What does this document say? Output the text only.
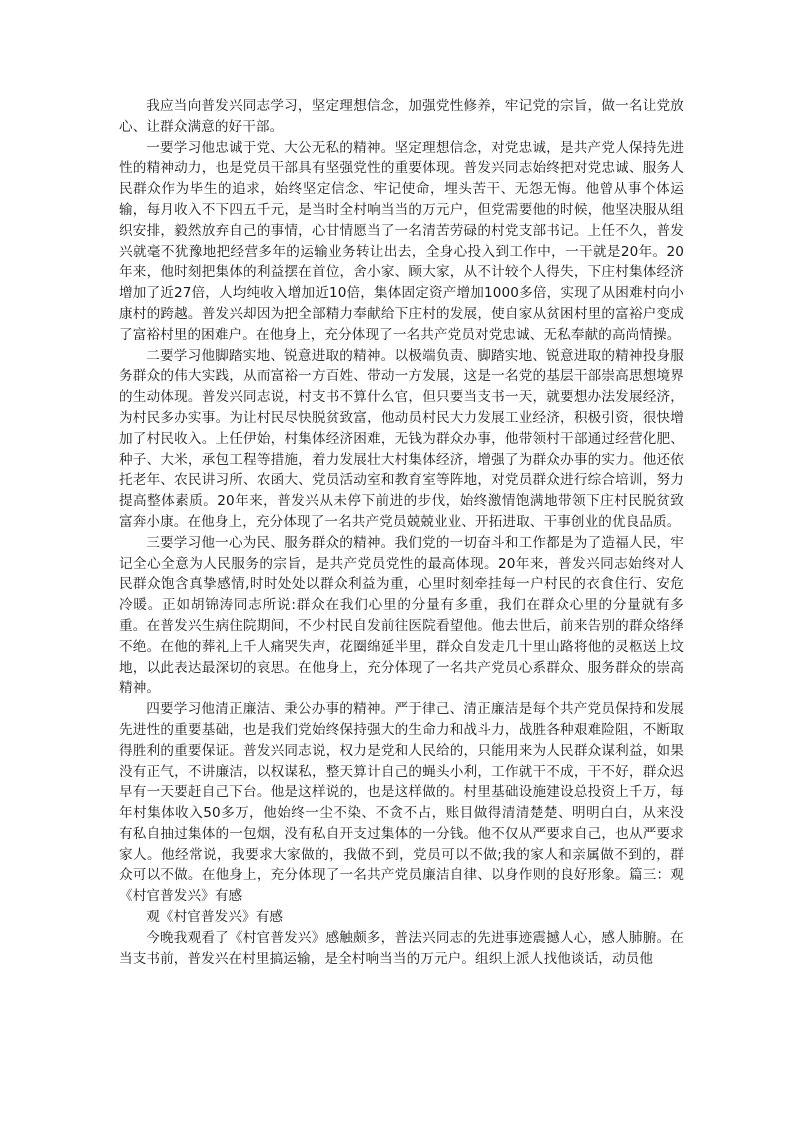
我应当向普发兴同志学习，坚定理想信念，加强党性修养，牢记党的宗旨，做一名让党放心、让群众满意的好干部。

一要学习他忠诚于党、大公无私的精神。坚定理想信念，对党忠诚，是共产党人保持先进性的精神动力，也是党员干部具有坚强党性的重要体现。普发兴同志始终把对党忠诚、服务人民群众作为毕生的追求，始终坚定信念、牢记使命，埋头苦干、无怨无悔。他曾从事个体运输，每月收入不下四五千元，是当时全村响当当的万元户，但党需要他的时候，他坚决服从组织安排，毅然放弃自己的事情，心甘情愿当了一名清苦劳碌的村党支部书记。上任不久，普发兴就毫不犹豫地把经营多年的运输业务转让出去，全身心投入到工作中，一干就是20年。20年来，他时刻把集体的利益摆在首位，舍小家、顾大家，从不计较个人得失，下庄村集体经济增加了近27倍，人均纯收入增加近10倍，集体固定资产增加1000多倍，实现了从困难村向小康村的跨越。普发兴却因为把全部精力奉献给下庄村的发展，使自家从贫困村里的富裕户变成了富裕村里的困难户。在他身上，充分体现了一名共产党员对党忠诚、无私奉献的高尚情操。

二要学习他脚踏实地、锐意进取的精神。以极端负责、脚踏实地、锐意进取的精神投身服务群众的伟大实践，从而富裕一方百姓、带动一方发展，这是一名党的基层干部崇高思想境界的生动体现。普发兴同志说，村支书不算什么官，但只要当支书一天，就要想办法发展经济，为村民多办实事。为让村民尽快脱贫致富，他动员村民大力发展工业经济，积极引资，很快增加了村民收入。上任伊始，村集体经济困难，无钱为群众办事，他带领村干部通过经营化肥、种子、大米，承包工程等措施，着力发展壮大村集体经济，增强了为群众办事的实力。他还依托老年、农民讲习所、农函大、党员活动室和教育室等阵地，对党员群众进行综合培训，努力提高整体素质。20年来，普发兴从未停下前进的步伐，始终激情饱满地带领下庄村民脱贫致富奔小康。在他身上，充分体现了一名共产党员兢兢业业、开拓进取、干事创业的优良品质。

三要学习他一心为民、服务群众的精神。我们党的一切奋斗和工作都是为了造福人民，牢记全心全意为人民服务的宗旨，是共产党员党性的最高体现。20年来，普发兴同志始终对人民群众饱含真挚感情,时时处处以群众利益为重，心里时刻牵挂每一户村民的衣食住行、安危冷暖。正如胡锦涛同志所说:群众在我们心里的分量有多重，我们在群众心里的分量就有多重。在普发兴生病住院期间，不少村民自发前往医院看望他。他去世后，前来告别的群众络绎不绝。在他的葬礼上千人痛哭失声，花圈绵延半里，群众自发走几十里山路将他的灵柩送上坟地，以此表达最深切的哀思。在他身上，充分体现了一名共产党员心系群众、服务群众的崇高精神。

四要学习他清正廉洁、秉公办事的精神。严于律己、清正廉洁是每个共产党员保持和发展先进性的重要基础，也是我们党始终保持强大的生命力和战斗力，战胜各种艰难险阻，不断取得胜利的重要保证。普发兴同志说，权力是党和人民给的，只能用来为人民群众谋利益，如果没有正气，不讲廉洁，以权谋私，整天算计自己的蝇头小利，工作就干不成，干不好，群众迟早有一天要赶自己下台。他是这样说的，也是这样做的。村里基础设施建设总投资上千万，每年村集体收入50多万，他始终一尘不染、不贪不占，账目做得清清楚楚、明明白白，从来没有私自抽过集体的一包烟，没有私自开支过集体的一分钱。他不仅从严要求自己，也从严要求家人。他经常说，我要求大家做的，我做不到，党员可以不做;我的家人和亲属做不到的，群众可以不做。在他身上，充分体现了一名共产党员廉洁自律、以身作则的良好形象。篇三：观《村官普发兴》有感

观《村官普发兴》有感

今晚我观看了《村官普发兴》感触颇多，普法兴同志的先进事迹震撼人心，感人肺腑。在当支书前，普发兴在村里搞运输，是全村响当当的万元户。组织上派人找他谈话，动员他
